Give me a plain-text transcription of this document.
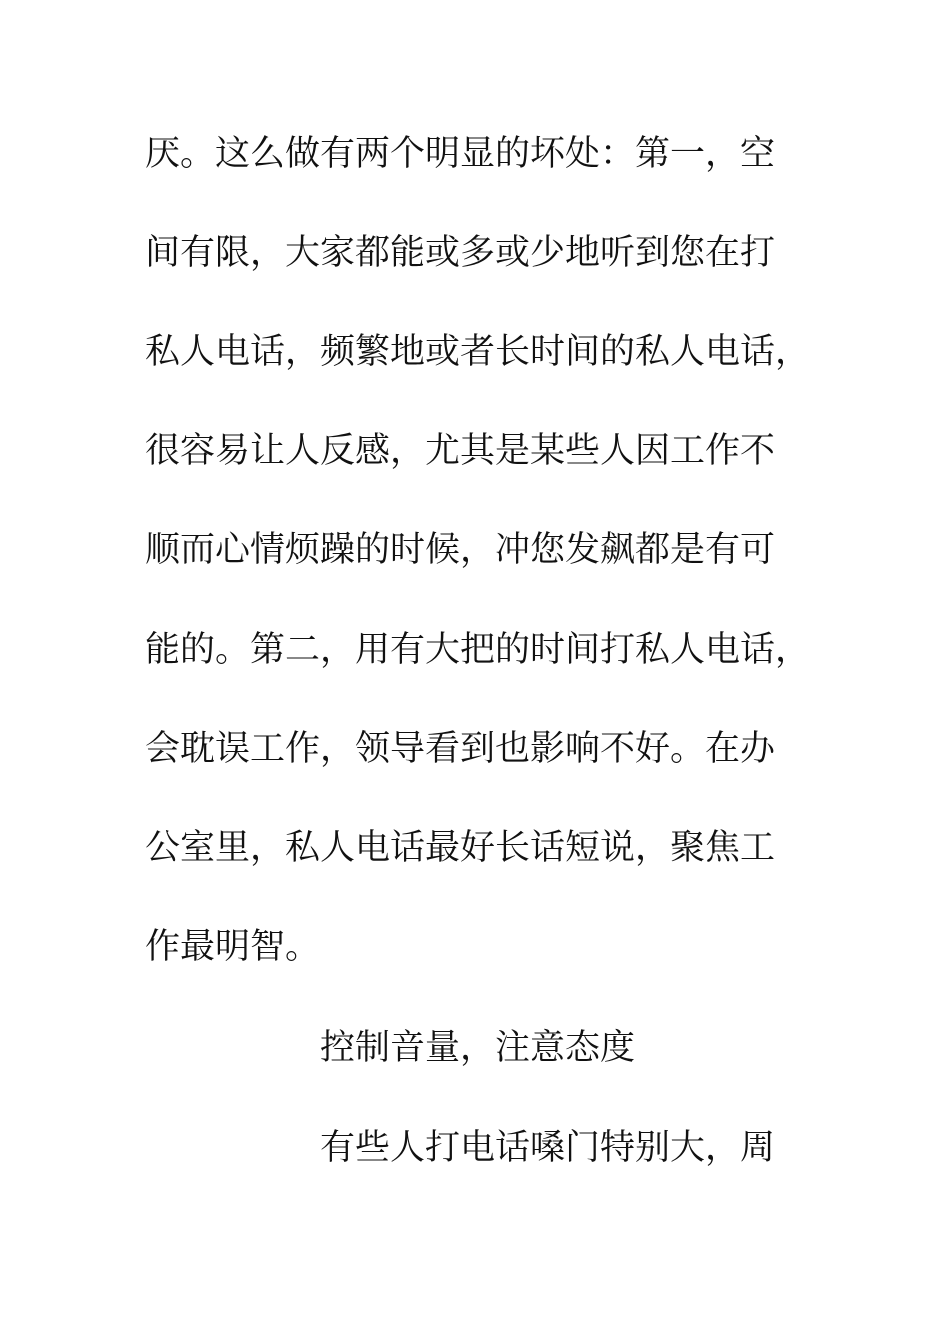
厌。这么做有两个明显的坏处：第一，空
间有限，大家都能或多或少地听到您在打
私人电话，频繁地或者长时间的私人电话，
很容易让人反感，尤其是某些人因工作不
顺而心情烦躁的时候，冲您发飙都是有可
能的。第二，用有大把的时间打私人电话，
会耽误工作，领导看到也影响不好。在办
公室里，私人电话最好长话短说，聚焦工
作最明智。
控制音量，注意态度
有些人打电话嗓门特别大，周
